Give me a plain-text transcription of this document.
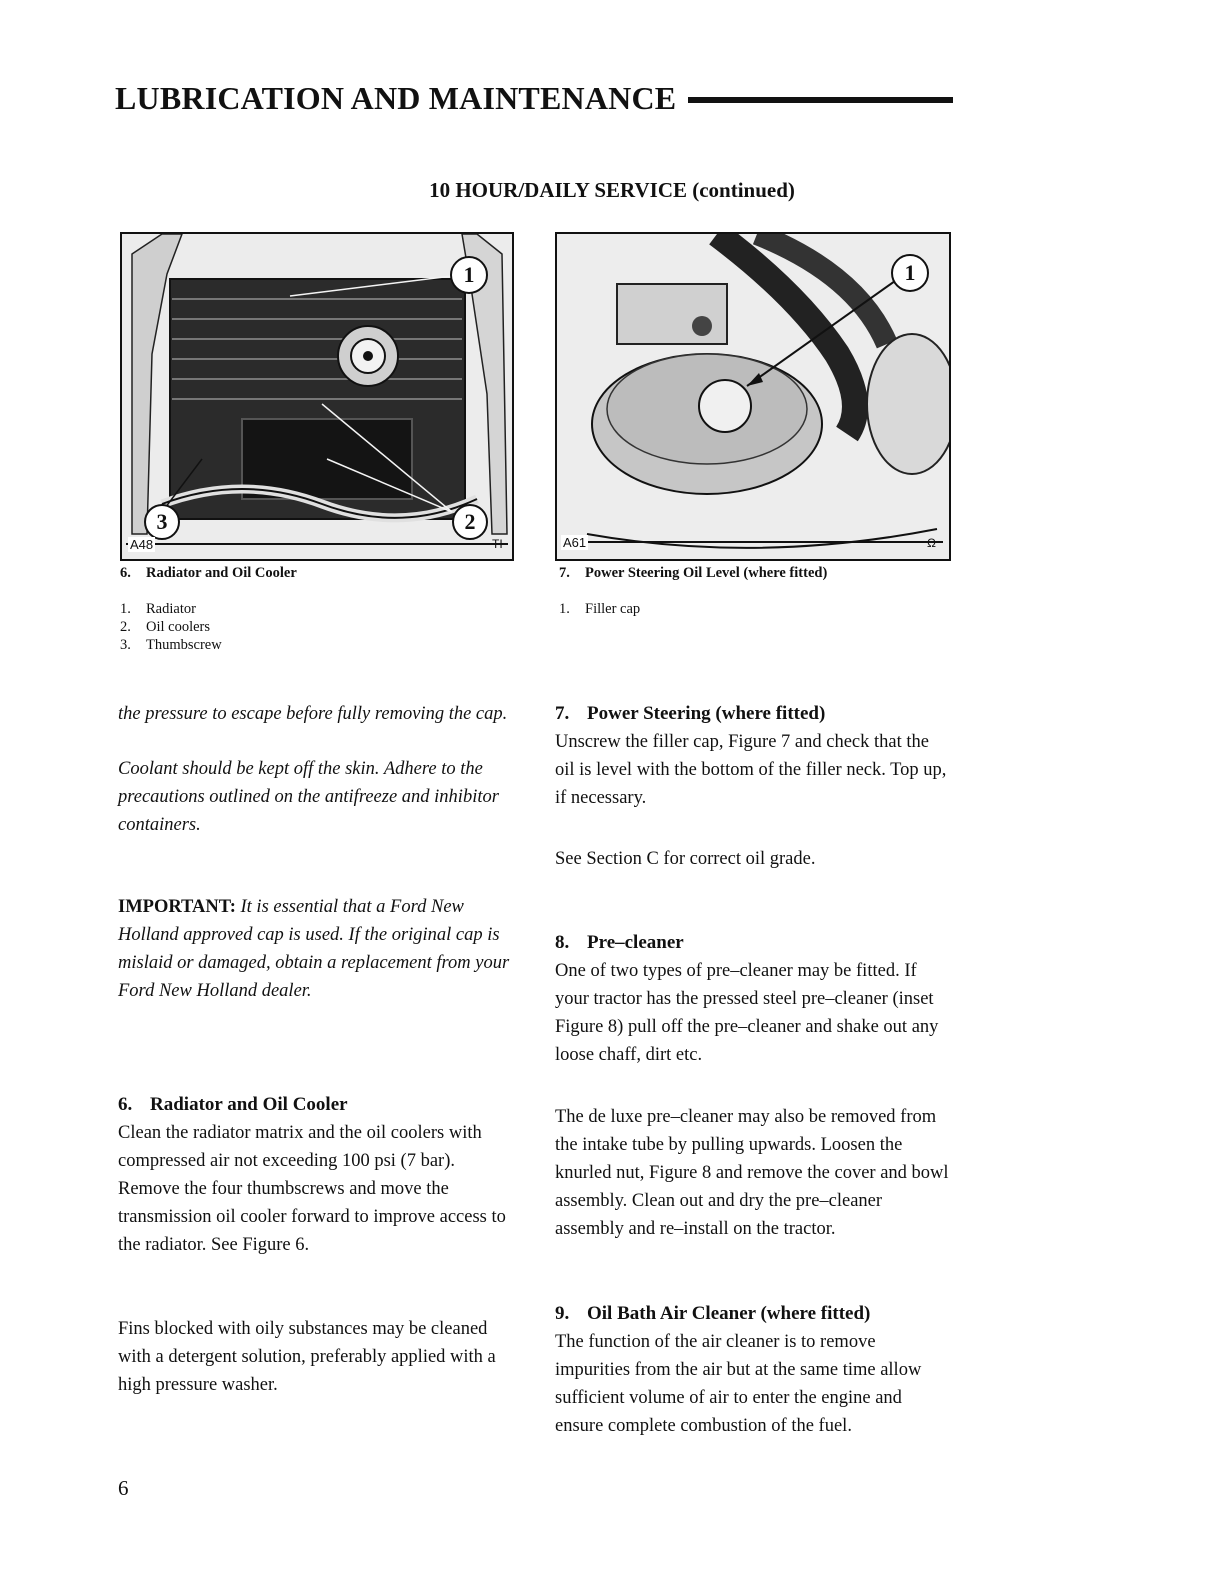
LUBRICATION AND MAINTENANCE
10 HOUR/DAILY SERVICE (continued)
1
2
3
A48	TI
1
A61	Ω
6. Radiator and Oil Cooler
1. Radiator
2. Oil coolers
3. Thumbscrew
7. Power Steering Oil Level (where fitted)
1. Filler cap

the pressure to escape before fully removing the cap.

Coolant should be kept off the skin. Adhere to the precautions outlined on the antifreeze and inhibitor containers.

IMPORTANT: It is essential that a Ford New Holland approved cap is used. If the original cap is mislaid or damaged, obtain a replacement from your Ford New Holland dealer.

6. Radiator and Oil Cooler

Clean the radiator matrix and the oil coolers with compressed air not exceeding 100 psi (7 bar). Remove the four thumbscrews and move the transmission oil cooler forward to improve access to the radiator. See Figure 6.

Fins blocked with oily substances may be cleaned with a detergent solution, preferably applied with a high pressure washer.

7. Power Steering (where fitted)

Unscrew the filler cap, Figure 7 and check that the oil is level with the bottom of the filler neck. Top up, if necessary.

See Section C for correct oil grade.

8. Pre–cleaner

One of two types of pre–cleaner may be fitted. If your tractor has the pressed steel pre–cleaner (inset Figure 8) pull off the pre–cleaner and shake out any loose chaff, dirt etc.

The de luxe pre–cleaner may also be removed from the intake tube by pulling upwards. Loosen the knurled nut, Figure 8 and remove the cover and bowl assembly. Clean out and dry the pre–cleaner assembly and re–install on the tractor.

9. Oil Bath Air Cleaner (where fitted)

The function of the air cleaner is to remove impurities from the air but at the same time allow sufficient volume of air to enter the engine and ensure complete combustion of the fuel.

6
